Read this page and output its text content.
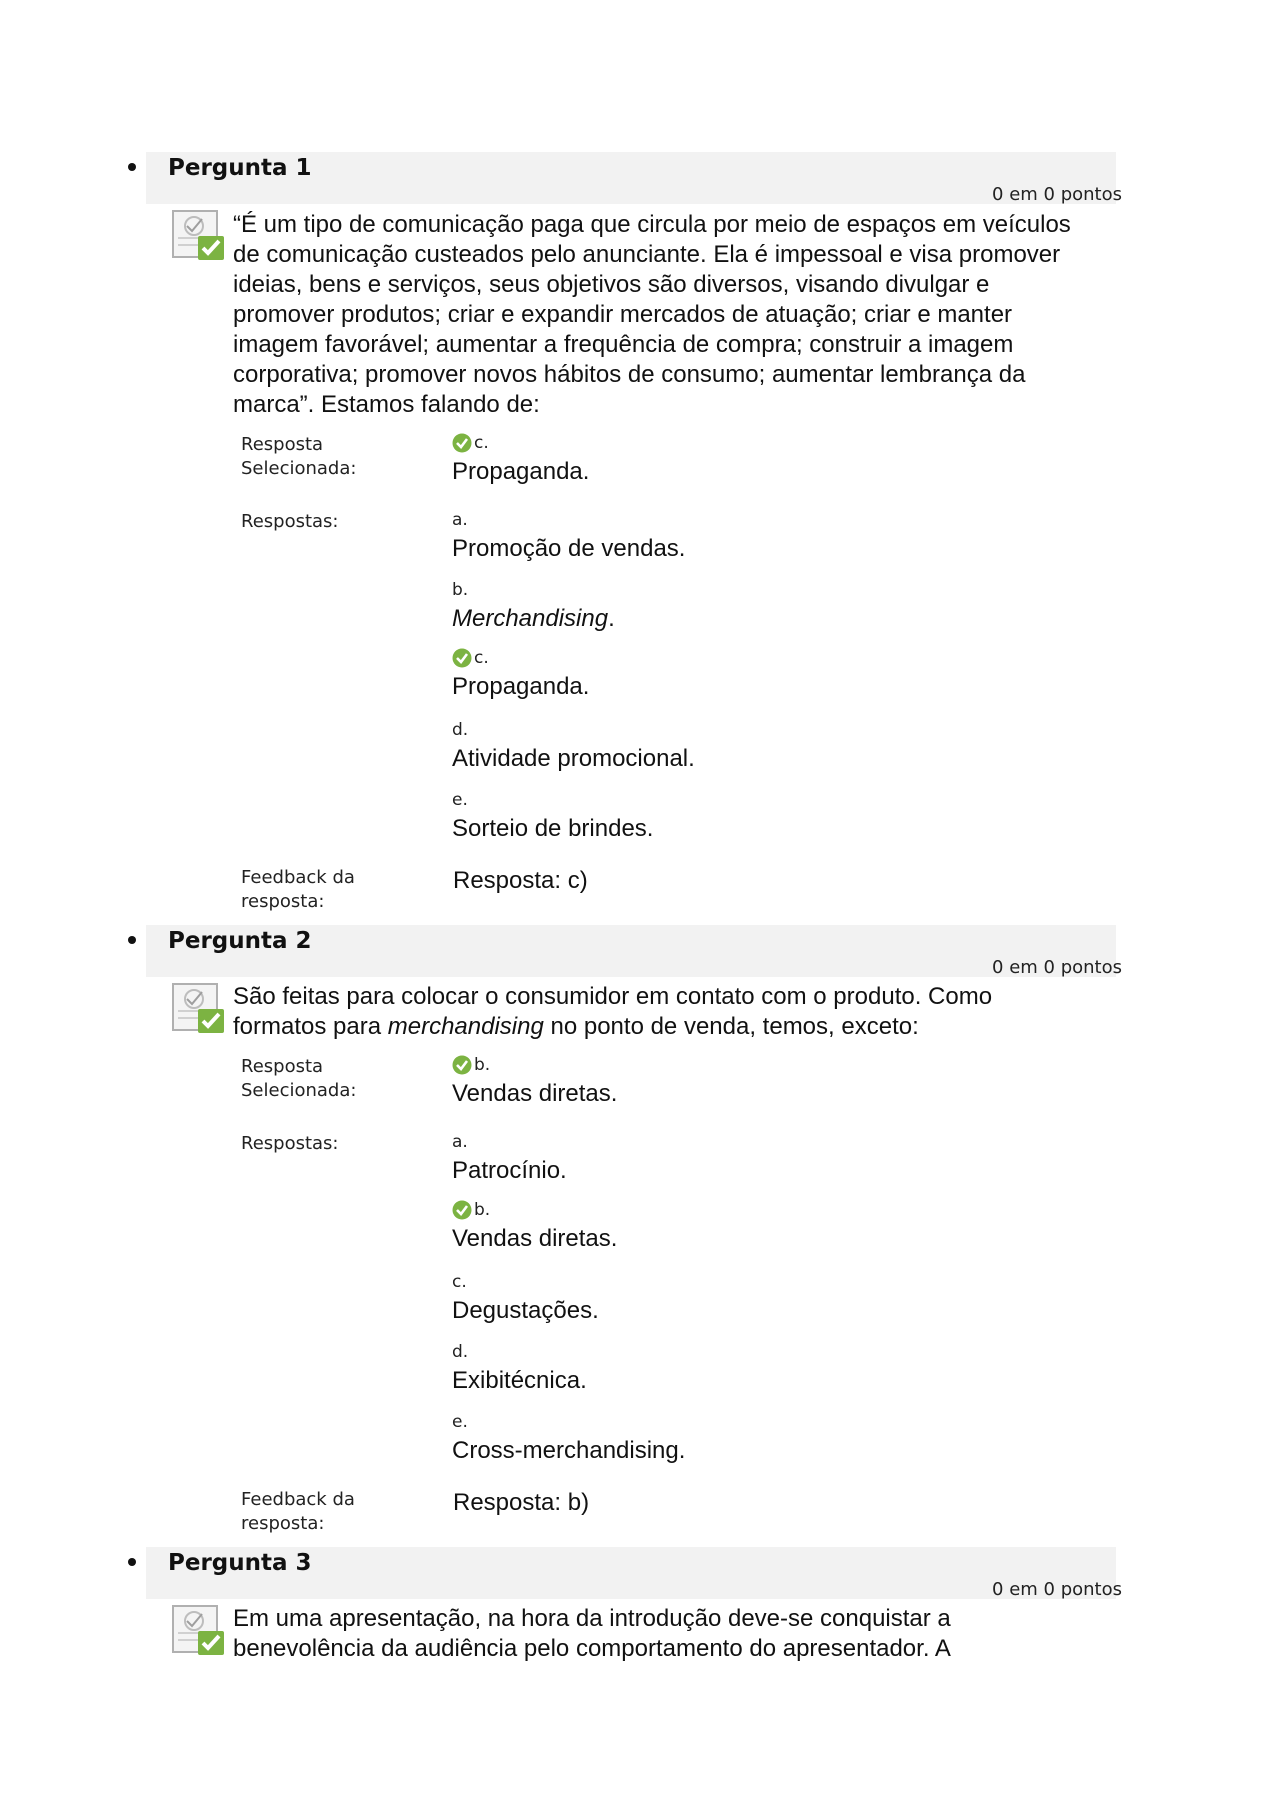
Pergunta 1
0 em 0 pontos
“É um tipo de comunicação paga que circula por meio de espaços em veículos de comunicação custeados pelo anunciante. Ela é impessoal e visa promover ideias, bens e serviços, seus objetivos são diversos, visando divulgar e promover produtos; criar e expandir mercados de atuação; criar e manter imagem favorável; aumentar a frequência de compra; construir a imagem corporativa; promover novos hábitos de consumo; aumentar lembrança da marca”. Estamos falando de:
Resposta Selecionada:
c.
Propaganda.
Respostas:	a.
Promoção de vendas.
b.
Merchandising.
c.
Propaganda.
d.
Atividade promocional.
e.
Sorteio de brindes.
Feedback da resposta:
Resposta: c)
Pergunta 2
0 em 0 pontos
São feitas para colocar o consumidor em contato com o produto. Como formatos para merchandising no ponto de venda, temos, exceto:
Resposta Selecionada:
b.
Vendas diretas.
Respostas:	a.
Patrocínio.
b.
Vendas diretas.
c.
Degustações.
d.
Exibitécnica.
e.
Cross-merchandising.
Feedback da resposta:
Resposta: b)
Pergunta 3
0 em 0 pontos
Em uma apresentação, na hora da introdução deve-se conquistar a benevolência da audiência pelo comportamento do apresentador. A
